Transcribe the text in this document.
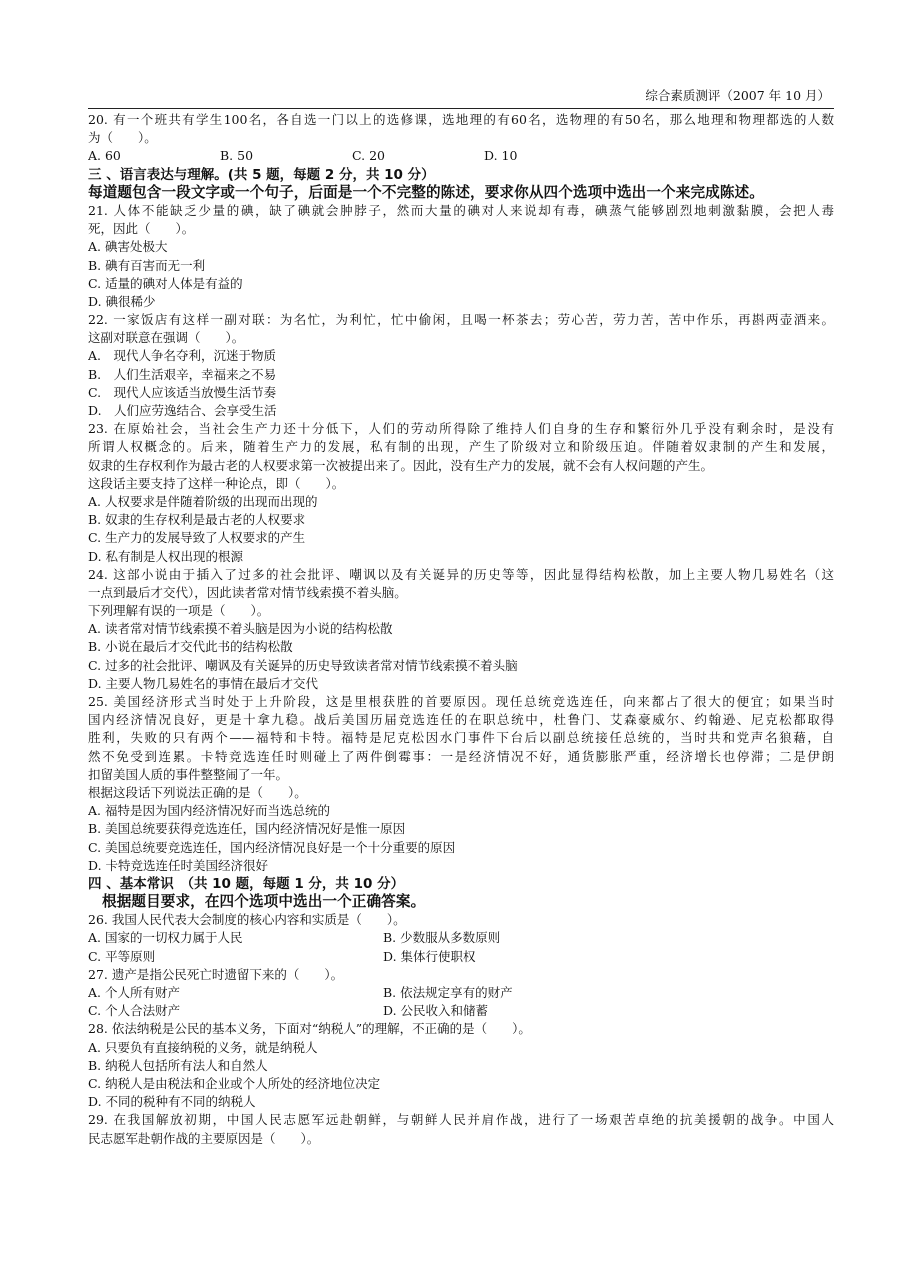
综合素质测评（2007 年 10 月）
20. 有一个班共有学生100名，各自选一门以上的选修课，选地理的有60名，选物理的有50名，那么地理和物理都选的人数
为（　　）。
A. 60	B. 50	C. 20	D. 10
三 、语言表达与理解。(共 5 题，每题 2 分，共 10 分）
每道题包含一段文字或一个句子，后面是一个不完整的陈述，要求你从四个选项中选出一个来完成陈述。
21. 人体不能缺乏少量的碘，缺了碘就会肿脖子，然而大量的碘对人来说却有毒，碘蒸气能够剧烈地刺激黏膜，会把人毒
死，因此（　　）。
A. 碘害处极大
B. 碘有百害而无一利
C. 适量的碘对人体是有益的
D. 碘很稀少
22. 一家饭店有这样一副对联：为名忙，为利忙，忙中偷闲，且喝一杯茶去；劳心苦，劳力苦，苦中作乐，再斟两壶酒来。
这副对联意在强调（　　）。
A.　现代人争名夺利，沉迷于物质
B.　人们生活艰辛，幸福来之不易
C.　现代人应该适当放慢生活节奏
D.　人们应劳逸结合、会享受生活
23. 在原始社会，当社会生产力还十分低下，人们的劳动所得除了维持人们自身的生存和繁衍外几乎没有剩余时，是没有
所谓人权概念的。后来，随着生产力的发展，私有制的出现，产生了阶级对立和阶级压迫。伴随着奴隶制的产生和发展，
奴隶的生存权利作为最古老的人权要求第一次被提出来了。因此，没有生产力的发展，就不会有人权问题的产生。
这段话主要支持了这样一种论点，即（　　）。
A. 人权要求是伴随着阶级的出现而出现的
B. 奴隶的生存权利是最古老的人权要求
C. 生产力的发展导致了人权要求的产生
D. 私有制是人权出现的根源
24. 这部小说由于插入了过多的社会批评、嘲讽以及有关诞异的历史等等，因此显得结构松散，加上主要人物几易姓名（这
一点到最后才交代），因此读者常对情节线索摸不着头脑。
下列理解有误的一项是（　　）。
A. 读者常对情节线索摸不着头脑是因为小说的结构松散
B. 小说在最后才交代此书的结构松散
C. 过多的社会批评、嘲讽及有关诞异的历史导致读者常对情节线索摸不着头脑
D. 主要人物几易姓名的事情在最后才交代
25. 美国经济形式当时处于上升阶段，这是里根获胜的首要原因。现任总统竞选连任，向来都占了很大的便宜；如果当时
国内经济情况良好，更是十拿九稳。战后美国历届竞选连任的在职总统中，杜鲁门、艾森豪威尔、约翰逊、尼克松都取得
胜利，失败的只有两个——福特和卡特。福特是尼克松因水门事件下台后以副总统接任总统的，当时共和党声名狼藉，自
然不免受到连累。卡特竞选连任时则碰上了两件倒霉事：一是经济情况不好，通货膨胀严重，经济增长也停滞；二是伊朗
扣留美国人质的事件整整闹了一年。
根据这段话下列说法正确的是（　　）。
A. 福特是因为国内经济情况好而当选总统的
B. 美国总统要获得竞选连任，国内经济情况好是惟一原因
C. 美国总统要竞选连任，国内经济情况良好是一个十分重要的原因
D. 卡特竞选连任时美国经济很好
四 、基本常识　（共 10 题，每题 1 分，共 10 分）
根据题目要求，在四个选项中选出一个正确答案。
26. 我国人民代表大会制度的核心内容和实质是（　　）。
A. 国家的一切权力属于人民	B. 少数服从多数原则
C. 平等原则	D. 集体行使职权
27. 遗产是指公民死亡时遗留下来的（　　）。
A. 个人所有财产	B. 依法规定享有的财产
C. 个人合法财产	D. 公民收入和储蓄
28. 依法纳税是公民的基本义务，下面对“纳税人”的理解，不正确的是（　　）。
A. 只要负有直接纳税的义务，就是纳税人
B. 纳税人包括所有法人和自然人
C. 纳税人是由税法和企业或个人所处的经济地位决定
D. 不同的税种有不同的纳税人
29. 在我国解放初期，中国人民志愿军远赴朝鲜，与朝鲜人民并肩作战，进行了一场艰苦卓绝的抗美援朝的战争。中国人
民志愿军赴朝作战的主要原因是（　　）。
